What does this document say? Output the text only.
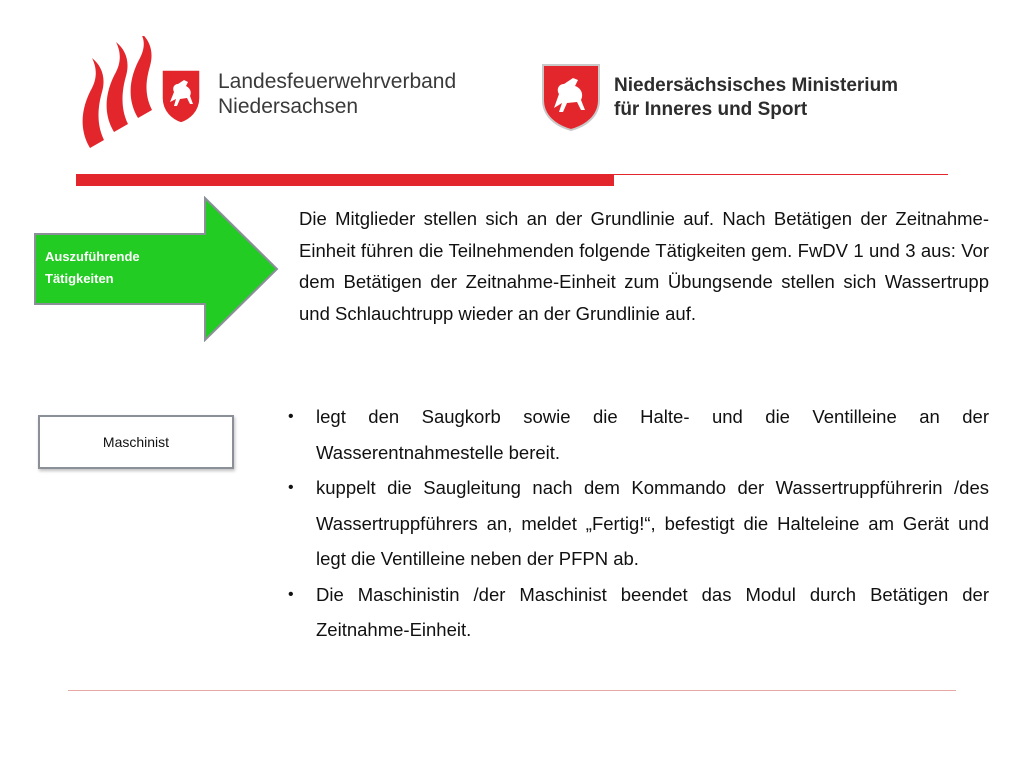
Landesfeuerwehrverband
Niedersachsen
Niedersächsisches Ministerium
für Inneres und Sport
Auszuführende
Tätigkeiten

Die Mitglieder stellen sich an der Grundlinie auf. Nach Betätigen der Zeitnahme-Einheit führen die Teilnehmenden folgende Tätigkeiten gem. FwDV 1 und 3 aus: Vor dem Betätigen der Zeitnahme-Einheit zum Übungsende stellen sich Wassertrupp und Schlauchtrupp wieder an der Grundlinie auf.

Maschinist
• legt den Saugkorb sowie die Halte- und die Ventilleine an der Wasserentnahmestelle bereit.
• kuppelt die Saugleitung nach dem Kommando der Wassertruppführerin /des Wassertruppführers an, meldet „Fertig!“, befestigt die Halteleine am Gerät und legt die Ventilleine neben der PFPN ab.
• Die Maschinistin /der Maschinist beendet das Modul durch Betätigen der Zeitnahme-Einheit.
